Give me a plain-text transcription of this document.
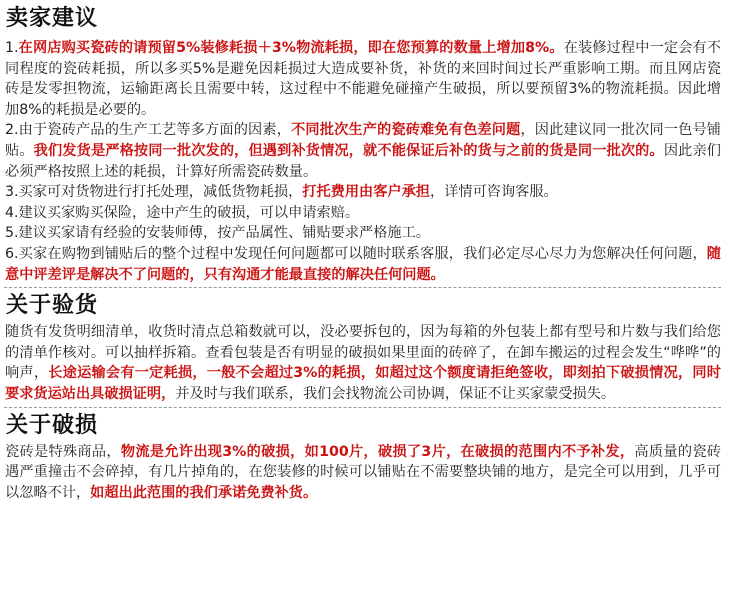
卖家建议

1.在网店购买瓷砖的请预留5%装修耗损＋3%物流耗损，即在您预算的数量上增加8%。在装修过程中一定会有不同程度的瓷砖耗损，所以多买5%是避免因耗损过大造成要补货，补货的来回时间过长严重影响工期。而且网店瓷砖是发零担物流，运输距离长且需要中转，这过程中不能避免碰撞产生破损，所以要预留3%的物流耗损。因此增加8%的耗损是必要的。

2.由于瓷砖产品的生产工艺等多方面的因素，不同批次生产的瓷砖难免有色差问题，因此建议同一批次同一色号铺贴。我们发货是严格按同一批次发的，但遇到补货情况，就不能保证后补的货与之前的货是同一批次的。因此亲们必须严格按照上述的耗损，计算好所需瓷砖数量。

3.买家可对货物进行打托处理，减低货物耗损，打托费用由客户承担，详情可咨询客服。

4.建议买家购买保险，途中产生的破损，可以申请索赔。

5.建议买家请有经验的安装师傅，按产品属性、铺贴要求严格施工。

6.买家在购物到铺贴后的整个过程中发现任何问题都可以随时联系客服，我们必定尽心尽力为您解决任何问题，随意中评差评是解决不了问题的，只有沟通才能最直接的解决任何问题。

关于验货

随货有发货明细清单，收货时清点总箱数就可以，没必要拆包的，因为每箱的外包装上都有型号和片数与我们给您的清单作核对。可以抽样拆箱。查看包装是否有明显的破损如果里面的砖碎了，在卸车搬运的过程会发生“哗哗”的响声，长途运输会有一定耗损，一般不会超过3%的耗损，如超过这个额度请拒绝签收，即刻拍下破损情况，同时要求货运站出具破损证明，并及时与我们联系，我们会找物流公司协调，保证不让买家蒙受损失。

关于破损

瓷砖是特殊商品，物流是允许出现3%的破损，如100片，破损了3片，在破损的范围内不予补发，高质量的瓷砖遇严重撞击不会碎掉，有几片掉角的，在您装修的时候可以铺贴在不需要整块铺的地方，是完全可以用到，几乎可以忽略不计，如超出此范围的我们承诺免费补货。
